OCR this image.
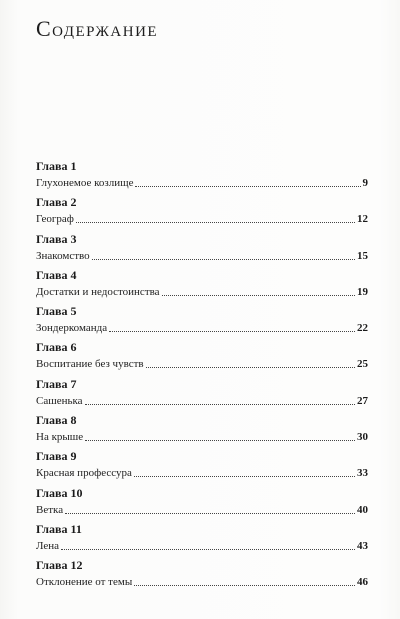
Содержание
Глава 1
Глухонемое козлище	9
Глава 2
Географ	12
Глава 3
Знакомство	15
Глава 4
Достатки и недостоинства	19
Глава 5
Зондеркоманда	22
Глава 6
Воспитание без чувств	25
Глава 7
Сашенька	27
Глава 8
На крыше	30
Глава 9
Красная профессура	33
Глава 10
Ветка	40
Глава 11
Лена	43
Глава 12
Отклонение от темы	46
